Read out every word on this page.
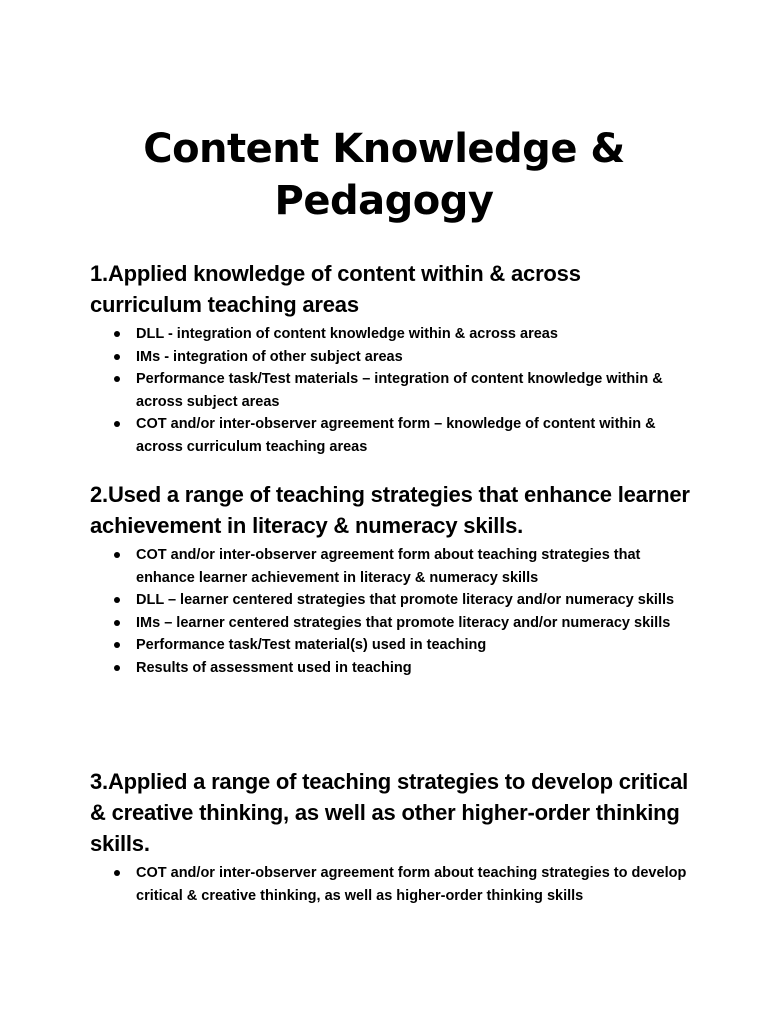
Content Knowledge &
Pedagogy

1.Applied knowledge of content within & across curriculum teaching areas

DLL - integration of content knowledge within & across areas
IMs - integration of other subject areas
Performance task/Test materials – integration of content knowledge within & across subject areas
COT and/or inter-observer agreement form – knowledge of content within & across curriculum teaching areas

2.Used a range of teaching strategies that enhance learner achievement in literacy & numeracy skills.

COT and/or inter-observer agreement form about teaching strategies that enhance learner achievement in literacy & numeracy skills
DLL – learner centered strategies that promote literacy and/or numeracy skills
IMs – learner centered strategies that promote literacy and/or numeracy skills
Performance task/Test material(s) used in teaching
Results of assessment used in teaching

3.Applied a range of teaching strategies to develop critical & creative thinking, as well as other higher-order thinking skills.

COT and/or inter-observer agreement form about teaching strategies to develop critical & creative thinking, as well as higher-order thinking skills
